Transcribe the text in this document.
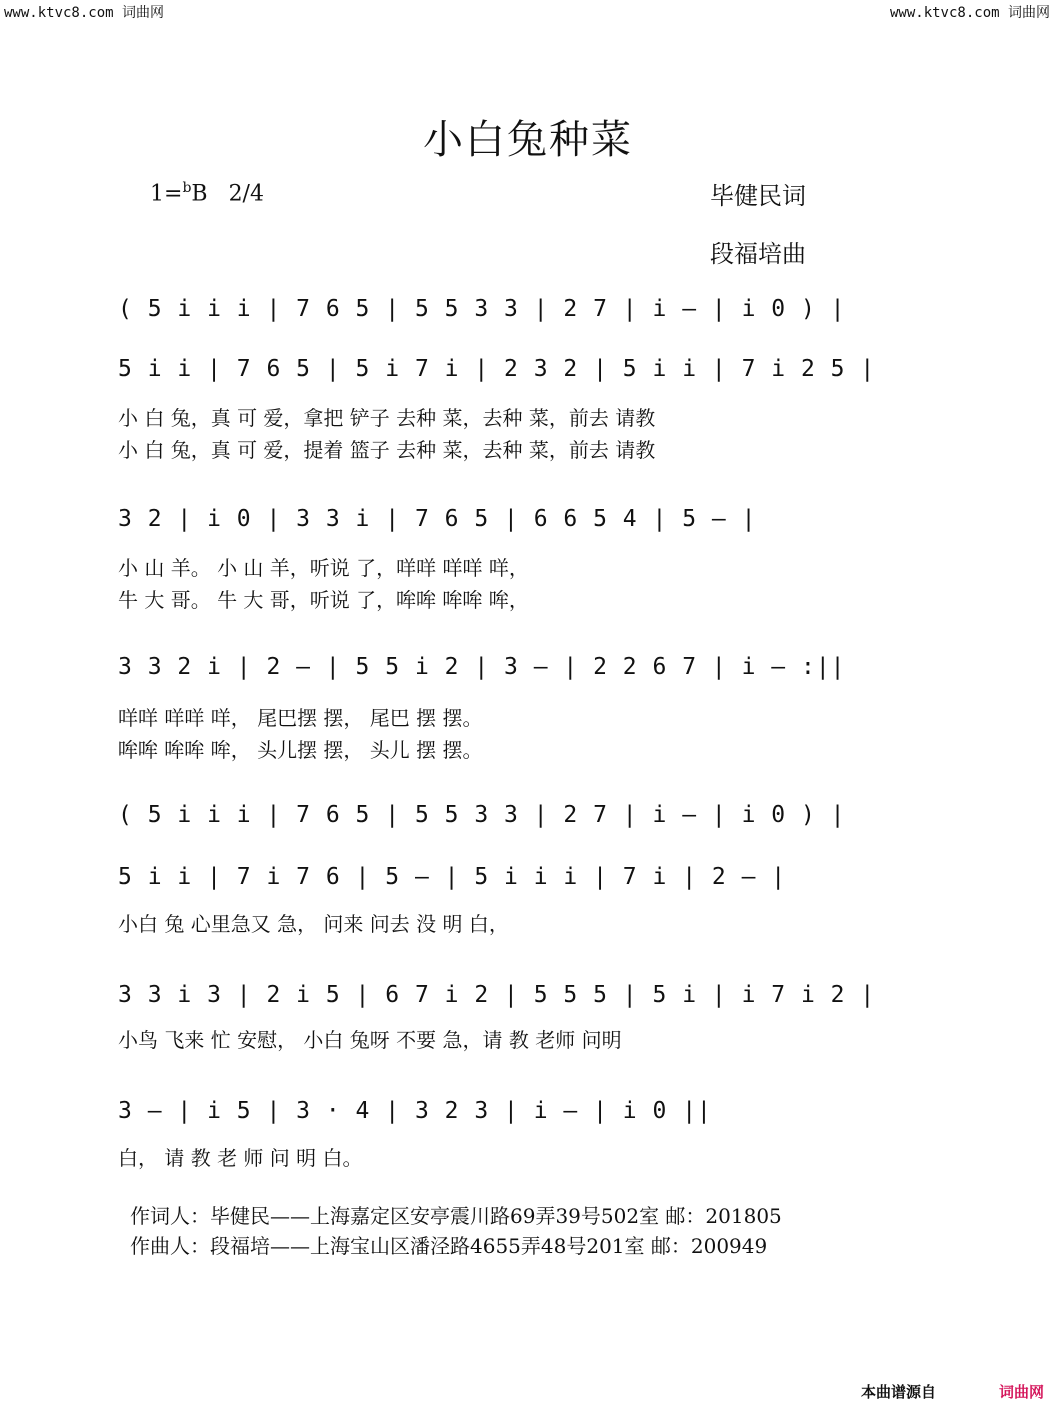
www.ktvc8.com 词曲网	www.ktvc8.com 词曲网
小白兔种菜
1=$^b$B 2/4	毕健民词
段福培曲
( 5 i i i | 7 6 5 | 5 5 3 3 | 2 7 | i — | i 0 ) |
5 i i | 7 6 5 | 5 i 7 i | 2 3 2 | 5 i i | 7 i 2 5 |
小 白 兔，真 可 爱，拿把 铲子 去种 菜，去种 菜，前去 请教
小 白 兔，真 可 爱，提着 篮子 去种 菜，去种 菜，前去 请教
3 2 | i 0 | 3 3 i | 7 6 5 | 6 6 5 4 | 5 — |
小 山 羊。 小 山 羊，听说 了，咩咩 咩咩 咩，
牛 大 哥。 牛 大 哥，听说 了，哞哞 哞哞 哞，
3 3 2 i | 2 — | 5 5 i 2 | 3 — | 2 2 6 7 | i — :||
咩咩 咩咩 咩， 尾巴摆 摆， 尾巴 摆 摆。
哞哞 哞哞 哞， 头儿摆 摆， 头儿 摆 摆。
( 5 i i i | 7 6 5 | 5 5 3 3 | 2 7 | i — | i 0 ) |
5 i i | 7 i 7 6 | 5 — | 5 i i i | 7 i | 2 — |
小白 兔 心里急又 急， 问来 问去 没 明 白，
3 3 i 3 | 2 i 5 | 6 7 i 2 | 5 5 5 | 5 i | i 7 i 2 |
小鸟 飞来 忙 安慰， 小白 兔呀 不要 急，请 教 老师 问明
3 — | i 5 | 3 · 4 | 3 2 3 | i — | i 0 ||
白， 请 教 老 师 问 明 白。
作词人：毕健民——上海嘉定区安亭震川路69弄39号502室 邮：201805
作曲人：段福培——上海宝山区潘泾路4655弄48号201室 邮：200949
本曲谱源自	词曲网
